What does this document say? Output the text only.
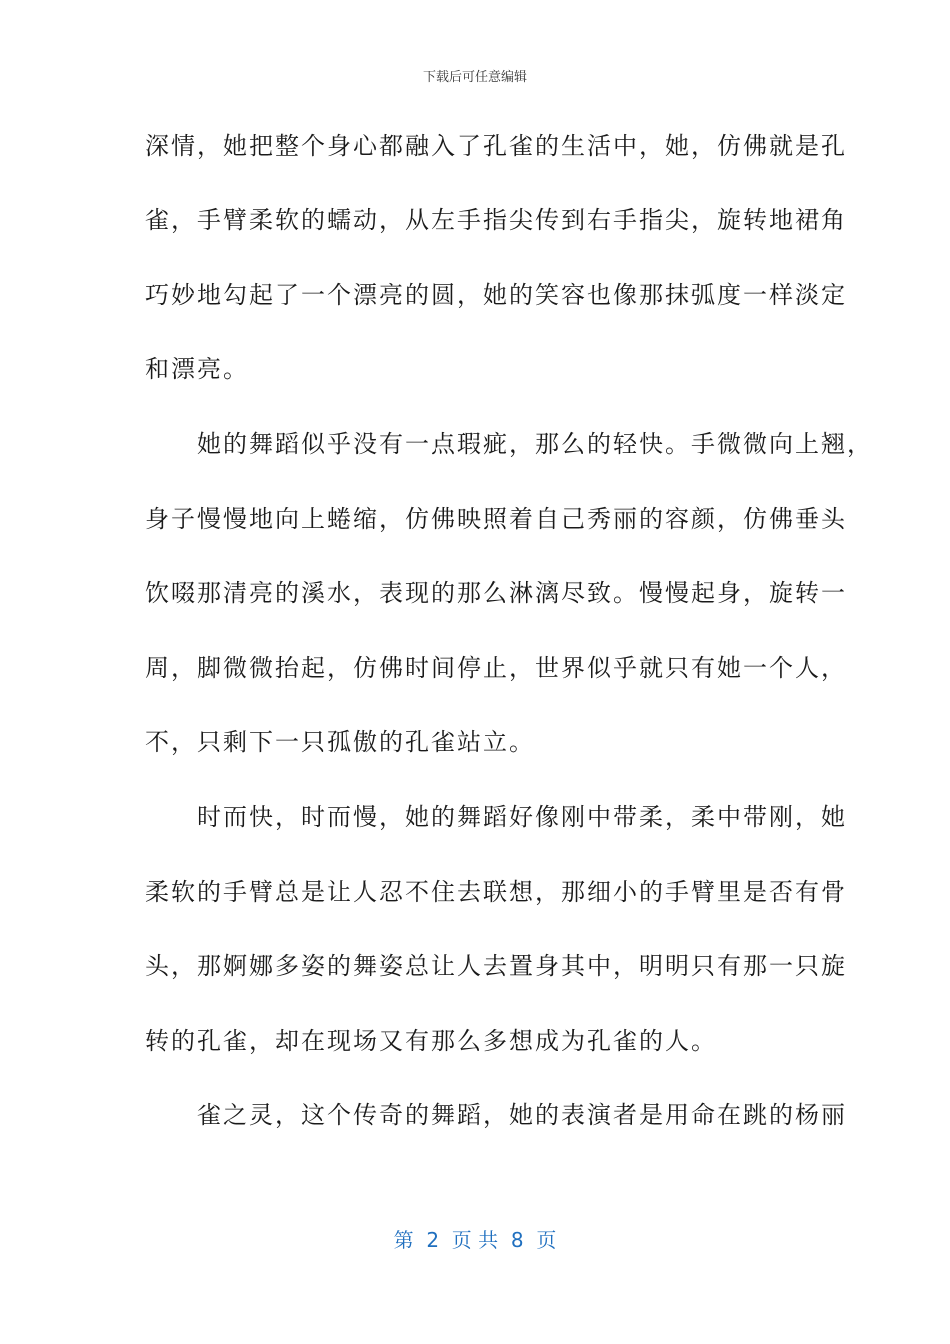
下载后可任意编辑
深情，她把整个身心都融入了孔雀的生活中，她，仿佛就是孔
雀，手臂柔软的蠕动，从左手指尖传到右手指尖，旋转地裙角
巧妙地勾起了一个漂亮的圆，她的笑容也像那抹弧度一样淡定
和漂亮。
　　她的舞蹈似乎没有一点瑕疵，那么的轻快。手微微向上翘，
身子慢慢地向上蜷缩，仿佛映照着自己秀丽的容颜，仿佛垂头
饮啜那清亮的溪水，表现的那么淋漓尽致。慢慢起身，旋转一
周，脚微微抬起，仿佛时间停止，世界似乎就只有她一个人，
不，只剩下一只孤傲的孔雀站立。
　　时而快，时而慢，她的舞蹈好像刚中带柔，柔中带刚，她
柔软的手臂总是让人忍不住去联想，那细小的手臂里是否有骨
头，那婀娜多姿的舞姿总让人去置身其中，明明只有那一只旋
转的孔雀，却在现场又有那么多想成为孔雀的人。
　　雀之灵，这个传奇的舞蹈，她的表演者是用命在跳的杨丽
第  2  页 共  8  页
